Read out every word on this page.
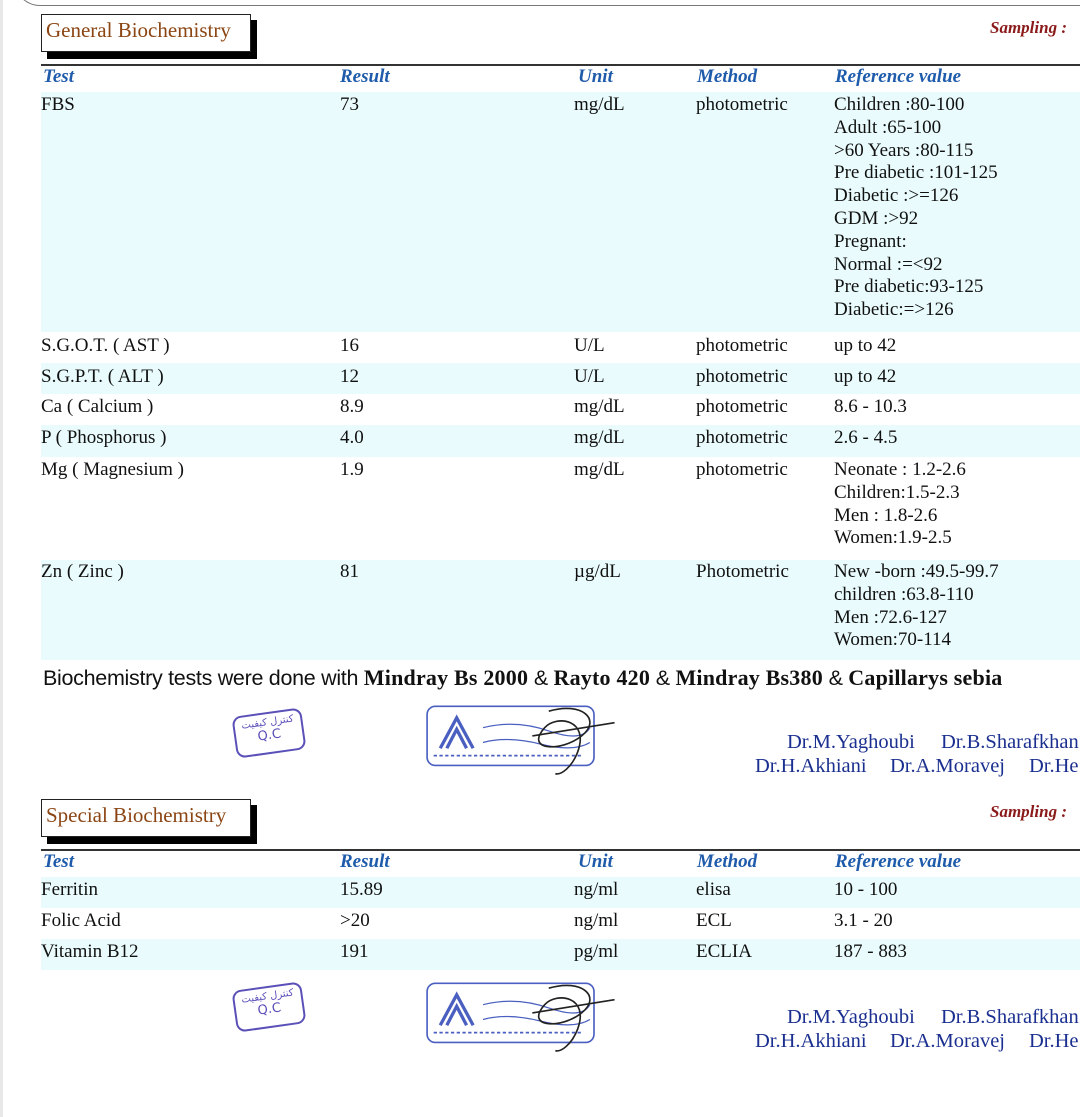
General Biochemistry	Sampling :
Test	Result	Unit	Method	Reference value
FBS	73	mg/dL	photometric Children :80-100
Adult :65-100
>60 Years :80-115
Pre diabetic :101-125
Diabetic :>=126
GDM :>92
Pregnant:
Normal :=<92
Pre diabetic:93-125
Diabetic:=>126
S.G.O.T. ( AST )	16	U/L	photometric up to 42
S.G.P.T. ( ALT )	12	U/L	photometric up to 42
Ca ( Calcium )	8.9	mg/dL	photometric 8.6 - 10.3
P ( Phosphorus )	4.0	mg/dL	photometric 2.6 - 4.5
Mg ( Magnesium )	1.9	mg/dL	photometric Neonate : 1.2-2.6
Children:1.5-2.3
Men : 1.8-2.6
Women:1.9-2.5
Zn ( Zinc )	81	µg/dL	Photometric New -born :49.5-99.7
children :63.8-110
Men :72.6-127
Women:70-114
Biochemistry tests were done with Mindray Bs 2000 & Rayto 420 & Mindray Bs380 & Capillarys sebia
کنترل کیفیت
Q.C	Dr.M.Yaghoubi Dr.B.Sharafkhan
Dr.H.Akhiani Dr.A.Moravej Dr.He
Special Biochemistry	Sampling :
Test	Result	Unit	Method	Reference value
Ferritin	15.89	ng/ml	elisa	10 - 100
Folic Acid	>20	ng/ml	ECL	3.1 - 20
Vitamin B12	191	pg/ml	ECLIA	187 - 883
کنترل کیفیت
Q.C	Dr.M.Yaghoubi Dr.B.Sharafkhan
Dr.H.Akhiani Dr.A.Moravej Dr.He
